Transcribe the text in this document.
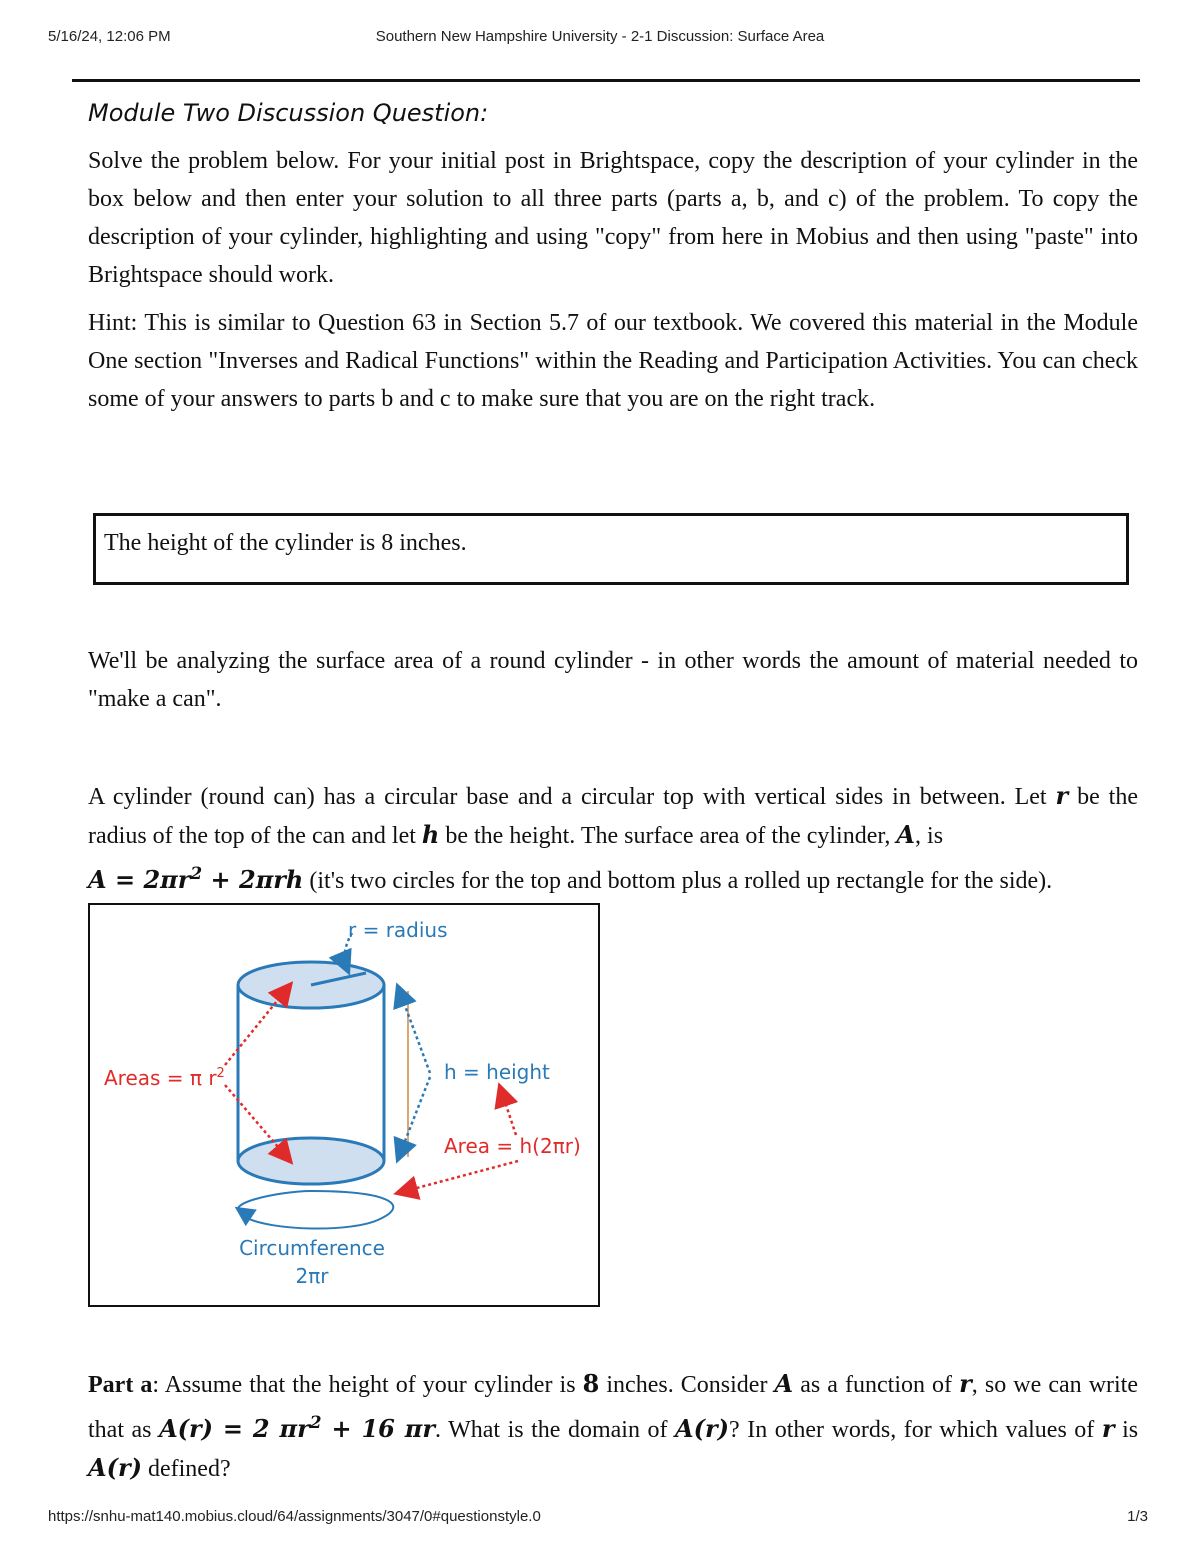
5/16/24, 12:06 PM	Southern New Hampshire University - 2-1 Discussion: Surface Area
Module Two Discussion Question:

Solve the problem below. For your initial post in Brightspace, copy the description of your cylinder in the box below and then enter your solution to all three parts (parts a, b, and c) of the problem. To copy the description of your cylinder, highlighting and using "copy" from here in Mobius and then using "paste" into Brightspace should work.

Hint: This is similar to Question 63 in Section 5.7 of our textbook. We covered this material in the Module One section "Inverses and Radical Functions" within the Reading and Participation Activities. You can check some of your answers to parts b and c to make sure that you are on the right track.

The height of the cylinder is 8 inches.

We'll be analyzing the surface area of a round cylinder - in other words the amount of material needed to "make a can".

A cylinder (round can) has a circular base and a circular top with vertical sides in between. Let r be the radius of the top of the can and let h be the height. The surface area of the cylinder, A, is
$A = 2\pi r^2 + 2\pi rh$ (it's two circles for the top and bottom plus a rolled up rectangle for the side).

r = radius
h = height
Areas = π $r^2$
Area = h(2πr)
Circumference
2πr

Part a: Assume that the height of your cylinder is 8 inches. Consider A as a function of r, so we can write that as A(r) = 2 $\pi r^2 + 16$ πr. What is the domain of A(r)? In other words, for which values of r is A(r) defined?

https://snhu-mat140.mobius.cloud/64/assignments/3047/0#questionstyle.0	1/3
